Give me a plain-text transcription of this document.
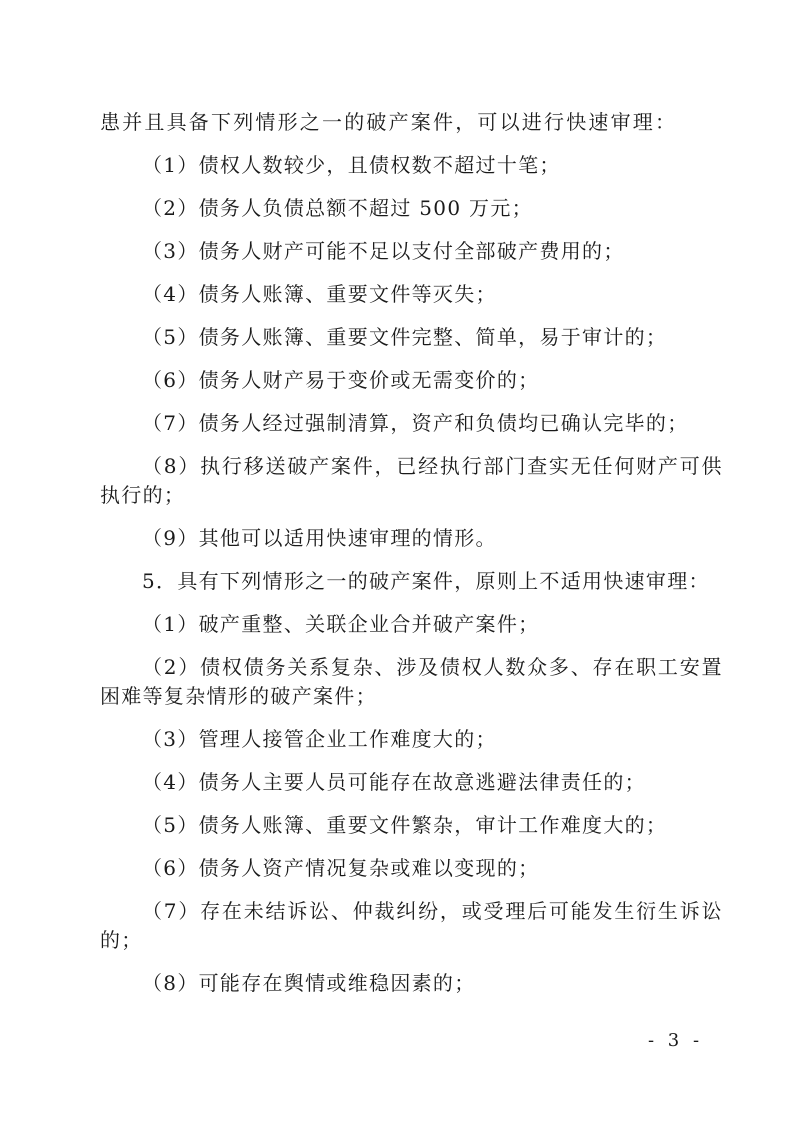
患并且具备下列情形之一的破产案件，可以进行快速审理：
（1）债权人数较少，且债权数不超过十笔；
（2）债务人负债总额不超过 500 万元；
（3）债务人财产可能不足以支付全部破产费用的；
（4）债务人账簿、重要文件等灭失；
（5）债务人账簿、重要文件完整、简单，易于审计的；
（6）债务人财产易于变价或无需变价的；
（7）债务人经过强制清算，资产和负债均已确认完毕的；
（8）执行移送破产案件，已经执行部门查实无任何财产可供
执行的；
（9）其他可以适用快速审理的情形。
5．具有下列情形之一的破产案件，原则上不适用快速审理：
（1）破产重整、关联企业合并破产案件；
（2）债权债务关系复杂、涉及债权人数众多、存在职工安置
困难等复杂情形的破产案件；
（3）管理人接管企业工作难度大的；
（4）债务人主要人员可能存在故意逃避法律责任的；
（5）债务人账簿、重要文件繁杂，审计工作难度大的；
（6）债务人资产情况复杂或难以变现的；
（7）存在未结诉讼、仲裁纠纷，或受理后可能发生衍生诉讼
的；
（8）可能存在舆情或维稳因素的；
- 3 -
